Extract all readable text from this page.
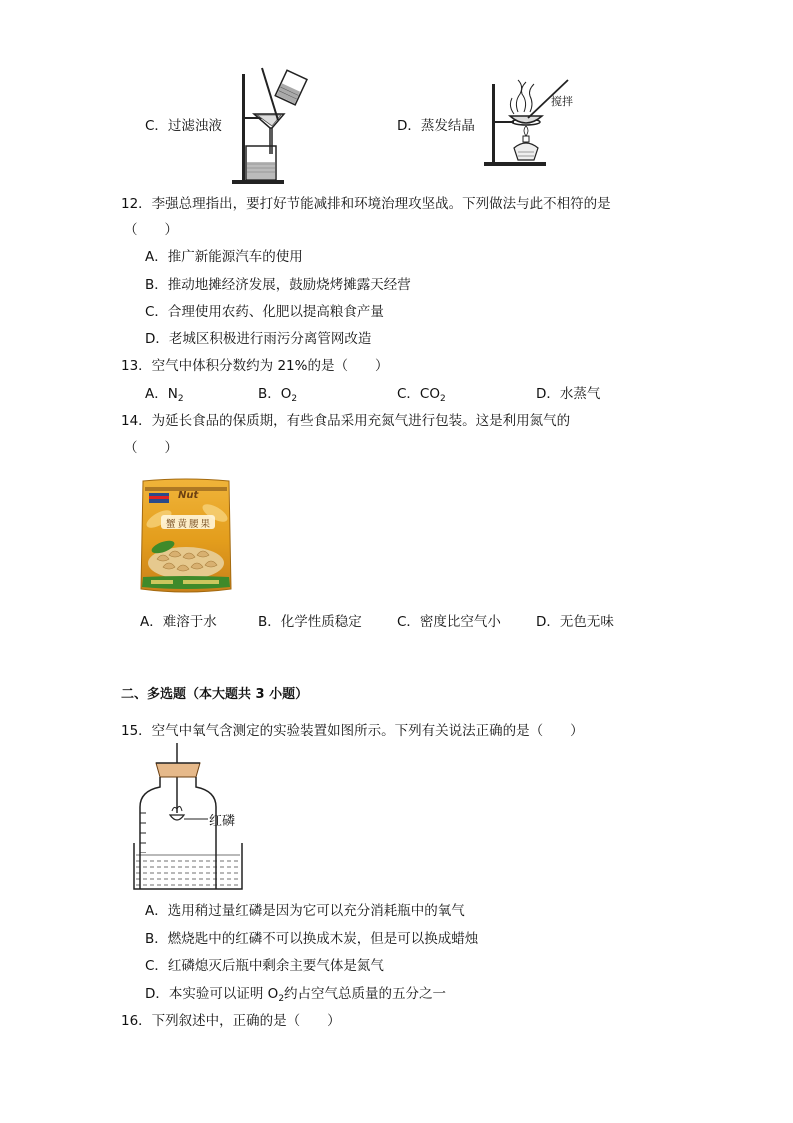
C．过滤浊液	D．蒸发结晶
搅拌
12．李强总理指出，要打好节能减排和环境治理攻坚战。下列做法与此不相符的是
（　　）
A．推广新能源汽车的使用
B．推动地摊经济发展，鼓励烧烤摊露天经营
C．合理使用农药、化肥以提高粮食产量
D．老城区积极进行雨污分离管网改造
13．空气中体积分数约为 21%的是（　　）
A．$N_2$	B．$O_2$	C．$CO_2$	D．水蒸气
14．为延长食品的保质期，有些食品采用充氮气进行包装。这是利用氮气的
（　　）
Nut
蟹黄腰果
A．难溶于水	B．化学性质稳定	C．密度比空气小	D．无色无味
二、多选题（本大题共 3 小题）
15．空气中氧气含测定的实验装置如图所示。下列有关说法正确的是（　　）
红磷
A．选用稍过量红磷是因为它可以充分消耗瓶中的氧气
B．燃烧匙中的红磷不可以换成木炭，但是可以换成蜡烛
C．红磷熄灭后瓶中剩余主要气体是氮气
D．本实验可以证明 $O_2$约占空气总质量的五分之一
16．下列叙述中，正确的是（　　）
